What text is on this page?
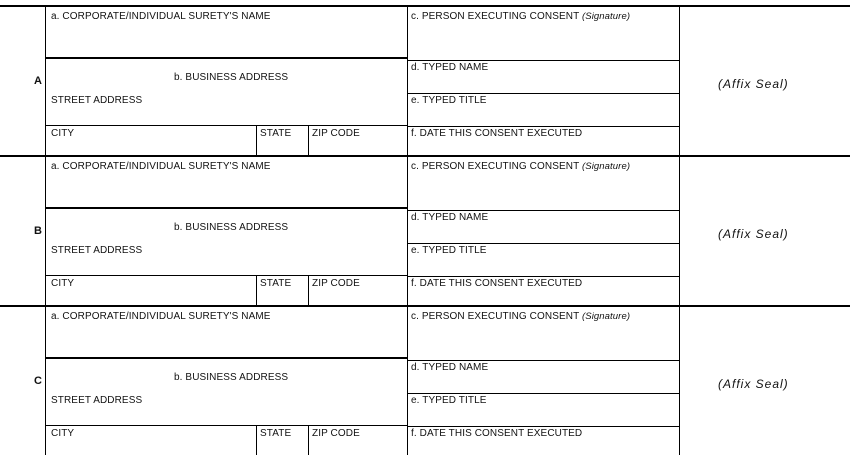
A
a. CORPORATE/INDIVIDUAL SURETY'S NAME
b. BUSINESS ADDRESS
STREET ADDRESS
CITY	STATE ZIP CODE
c. PERSON EXECUTING CONSENT (Signature)
d. TYPED NAME
e. TYPED TITLE
f. DATE THIS CONSENT EXECUTED
(Affix Seal)
B
a. CORPORATE/INDIVIDUAL SURETY'S NAME
b. BUSINESS ADDRESS
STREET ADDRESS
CITY	STATE ZIP CODE
c. PERSON EXECUTING CONSENT (Signature)
d. TYPED NAME
e. TYPED TITLE
f. DATE THIS CONSENT EXECUTED
(Affix Seal)
C
a. CORPORATE/INDIVIDUAL SURETY'S NAME
b. BUSINESS ADDRESS
STREET ADDRESS
CITY	STATE ZIP CODE
c. PERSON EXECUTING CONSENT (Signature)
d. TYPED NAME
e. TYPED TITLE
f. DATE THIS CONSENT EXECUTED
(Affix Seal)
